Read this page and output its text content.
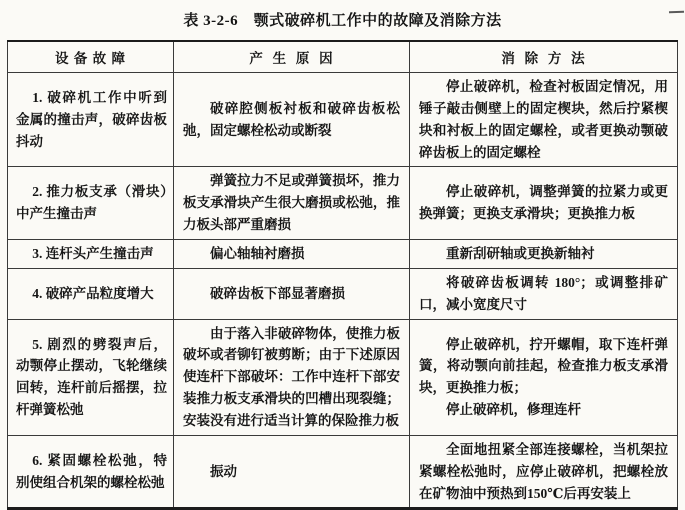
表 3-2-6　颚式破碎机工作中的故障及消除方法
设 备 故 障	产  生  原  因	消  除  方  法

1. 破碎机工作中听到金属的撞击声，破碎齿板抖动	破碎腔侧板衬板和破碎齿板松弛，固定螺栓松动或断裂	停止破碎机，检查衬板固定情况，用锤子敲击侧壁上的固定楔块，然后拧紧楔块和衬板上的固定螺栓，或者更换动颚破碎齿板上的固定螺栓

2. 推力板支承（滑块）中产生撞击声	弹簧拉力不足或弹簧损坏，推力板支承滑块产生很大磨损或松弛，推力板头部严重磨损	停止破碎机，调整弹簧的拉紧力或更换弹簧；更换支承滑块；更换推力板

3. 连杆头产生撞击声	偏心轴轴衬磨损	重新刮研轴或更换新轴衬

4. 破碎产品粒度增大	破碎齿板下部显著磨损	将破碎齿板调转 180°；或调整排矿口，减小宽度尺寸

5. 剧烈的劈裂声后，动颚停止摆动，飞轮继续回转，连杆前后摇摆，拉杆弹簧松弛	由于落入非破碎物体，使推力板破坏或者铆钉被剪断；由于下述原因使连杆下部破坏：工作中连杆下部安装推力板支承滑块的凹槽出现裂缝；安装没有进行适当计算的保险推力板	停止破碎机，拧开螺帽，取下连杆弹簧，将动颚向前挂起，检查推力板支承滑块，更换推力板；

停止破碎机，修理连杆

6. 紧固螺栓松弛，特别使组合机架的螺栓松弛	振动	全面地扭紧全部连接螺栓，当机架拉紧螺栓松弛时，应停止破碎机，把螺栓放在矿物油中预热到150℃后再安装上
